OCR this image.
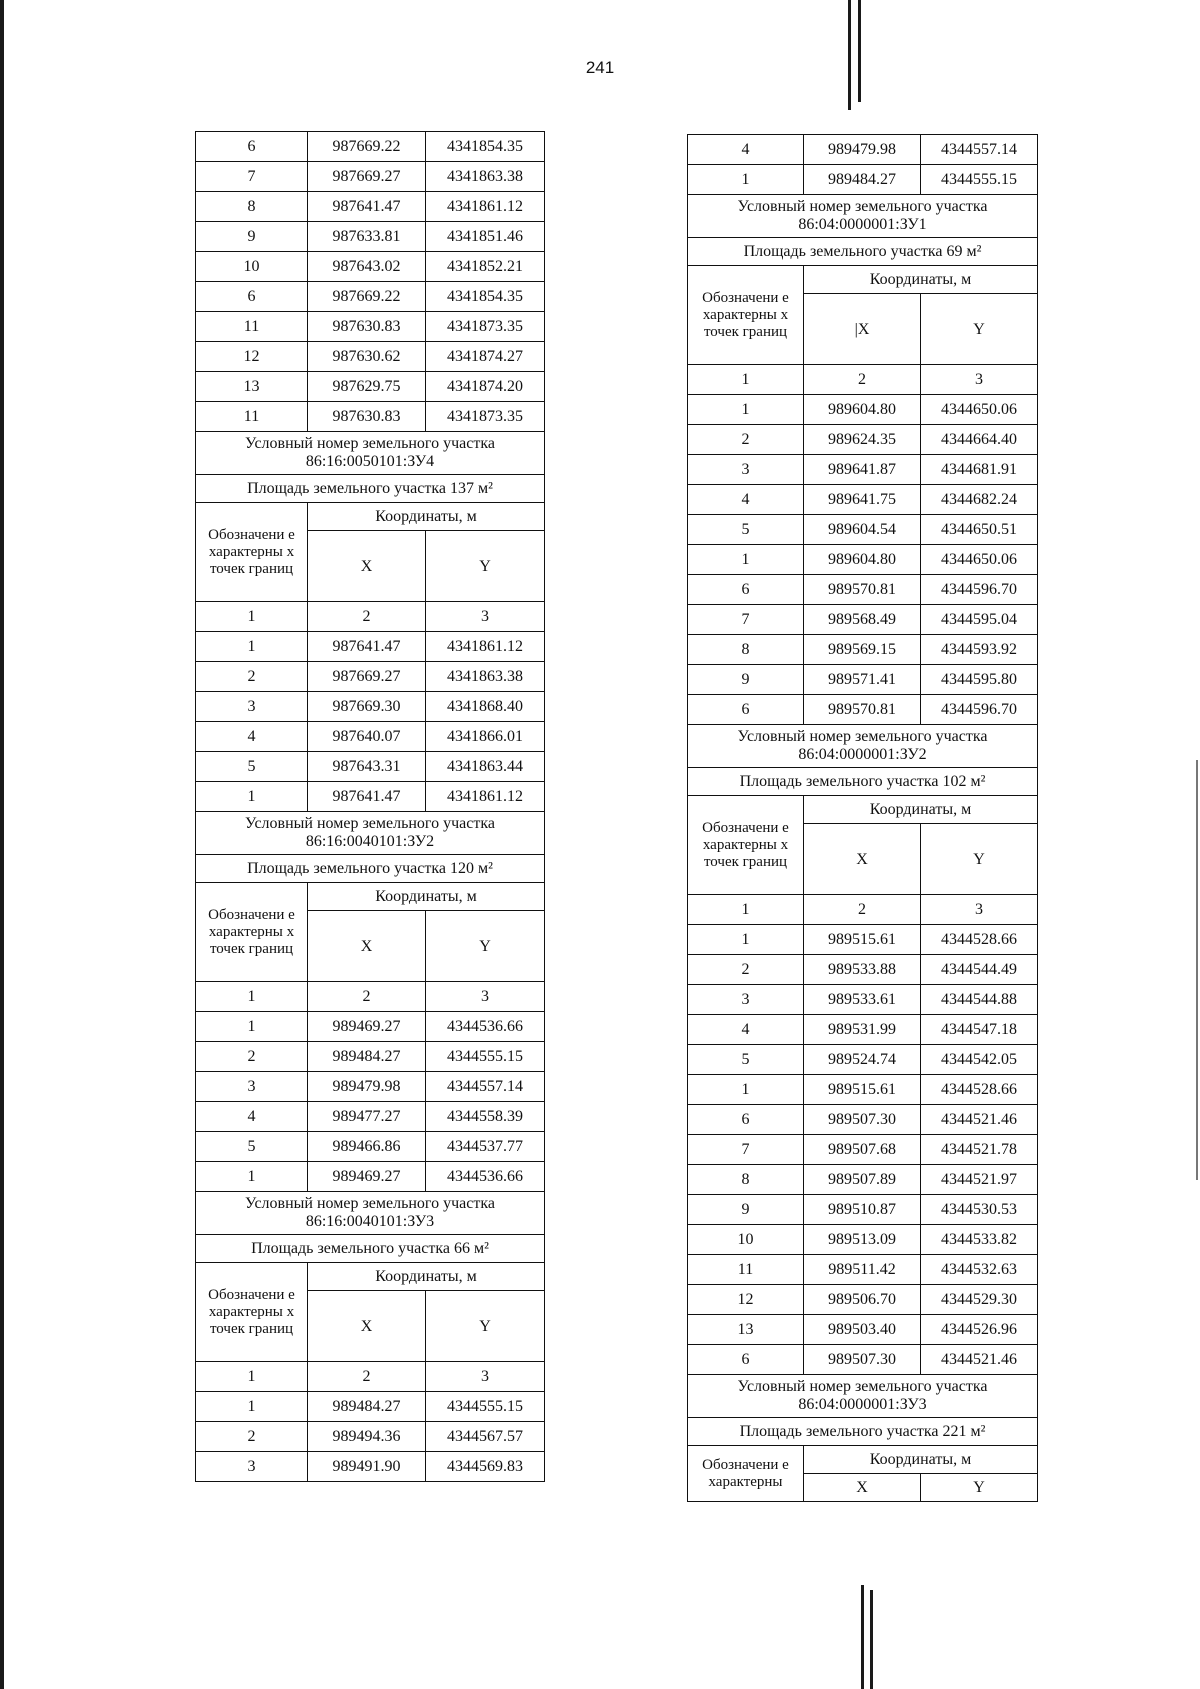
241
6	987669.22	4341854.35
7	987669.27	4341863.38
8	987641.47	4341861.12
9	987633.81	4341851.46
10	987643.02	4341852.21
6	987669.22	4341854.35
11	987630.83	4341873.35
12	987630.62	4341874.27
13	987629.75	4341874.20
11	987630.83	4341873.35
Условный номер земельного участка 86:16:0050101:ЗУ4		
Площадь земельного участка 137 м²		
Обозначени е характерны х точек границ	Координаты, м	
	X	Y
1	2	3
1	987641.47	4341861.12
2	987669.27	4341863.38
3	987669.30	4341868.40
4	987640.07	4341866.01
5	987643.31	4341863.44
1	987641.47	4341861.12
Условный номер земельного участка 86:16:0040101:ЗУ2		
Площадь земельного участка 120 м²		
Обозначени е характерны х точек границ	Координаты, м	
	X	Y
1	2	3
1	989469.27	4344536.66
2	989484.27	4344555.15
3	989479.98	4344557.14
4	989477.27	4344558.39
5	989466.86	4344537.77
1	989469.27	4344536.66
Условный номер земельного участка 86:16:0040101:ЗУ3		
Площадь земельного участка 66 м²		
Обозначени е характерны х точек границ	Координаты, м	
	X	Y
1	2	3
1	989484.27	4344555.15
2	989494.36	4344567.57
3	989491.90	4344569.83
4	989479.98	4344557.14
1	989484.27	4344555.15
Условный номер земельного участка 86:04:0000001:ЗУ1		
Площадь земельного участка 69 м²		
Обозначени е характерны х точек границ	Координаты, м	
	|X	Y
1	2	3
1	989604.80	4344650.06
2	989624.35	4344664.40
3	989641.87	4344681.91
4	989641.75	4344682.24
5	989604.54	4344650.51
1	989604.80	4344650.06
6	989570.81	4344596.70
7	989568.49	4344595.04
8	989569.15	4344593.92
9	989571.41	4344595.80
6	989570.81	4344596.70
Условный номер земельного участка 86:04:0000001:ЗУ2		
Площадь земельного участка 102 м²		
Обозначени е характерны х точек границ	Координаты, м	
	X	Y
1	2	3
1	989515.61	4344528.66
2	989533.88	4344544.49
3	989533.61	4344544.88
4	989531.99	4344547.18
5	989524.74	4344542.05
1	989515.61	4344528.66
6	989507.30	4344521.46
7	989507.68	4344521.78
8	989507.89	4344521.97
9	989510.87	4344530.53
10	989513.09	4344533.82
11	989511.42	4344532.63
12	989506.70	4344529.30
13	989503.40	4344526.96
6	989507.30	4344521.46
Условный номер земельного участка 86:04:0000001:ЗУ3		
Площадь земельного участка 221 м²		
Обозначени е характерны	Координаты, м	
	X	Y
